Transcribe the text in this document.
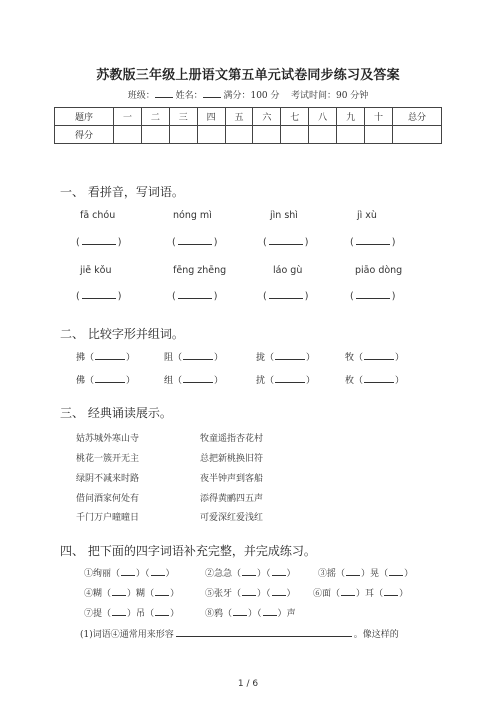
苏教版三年级上册语文第五单元试卷同步练习及答案
班级： 姓名： 满分：100 分 考试时间：90 分钟
题序	一	二	三	四	五	六	七	八	九	十	总分
得分											
一、 看拼音，写词语。
fā chóu	nóng mì	jìn shì	jì xù
(	)	(	)	(	)	(	)
jiē kǒu	fēng zhēng	láo gù	piāo dòng
(	)	(	)	(	)	(	)
二、 比较字形并组词。
拂（	）	阻（	）	拢（	）	牧（	）
佛（	）	组（	）	扰（	）	枚（	）
三、 经典诵读展示。
姑苏城外寒山寺
桃花一簇开无主
绿阴不减来时路
借问酒家何处有
千门万户曈曈日
牧童遥指杏花村
总把新桃换旧符
夜半钟声到客船
添得黄鹂四五声
可爱深红爱浅红
四、 把下面的四字词语补充完整，并完成练习。
①绚丽（ ）（ ）	②急急（ ）（ ） ③摇（ ）晃（ ）
④糊（ ）糊（ ）	⑤张牙（ ）（ ） ⑥面（ ）耳（ ）
⑦提（ ）吊（ ）	⑧鸦（ ）（ ）声
(1)词语④通常用来形容	。像这样的
1 / 6
